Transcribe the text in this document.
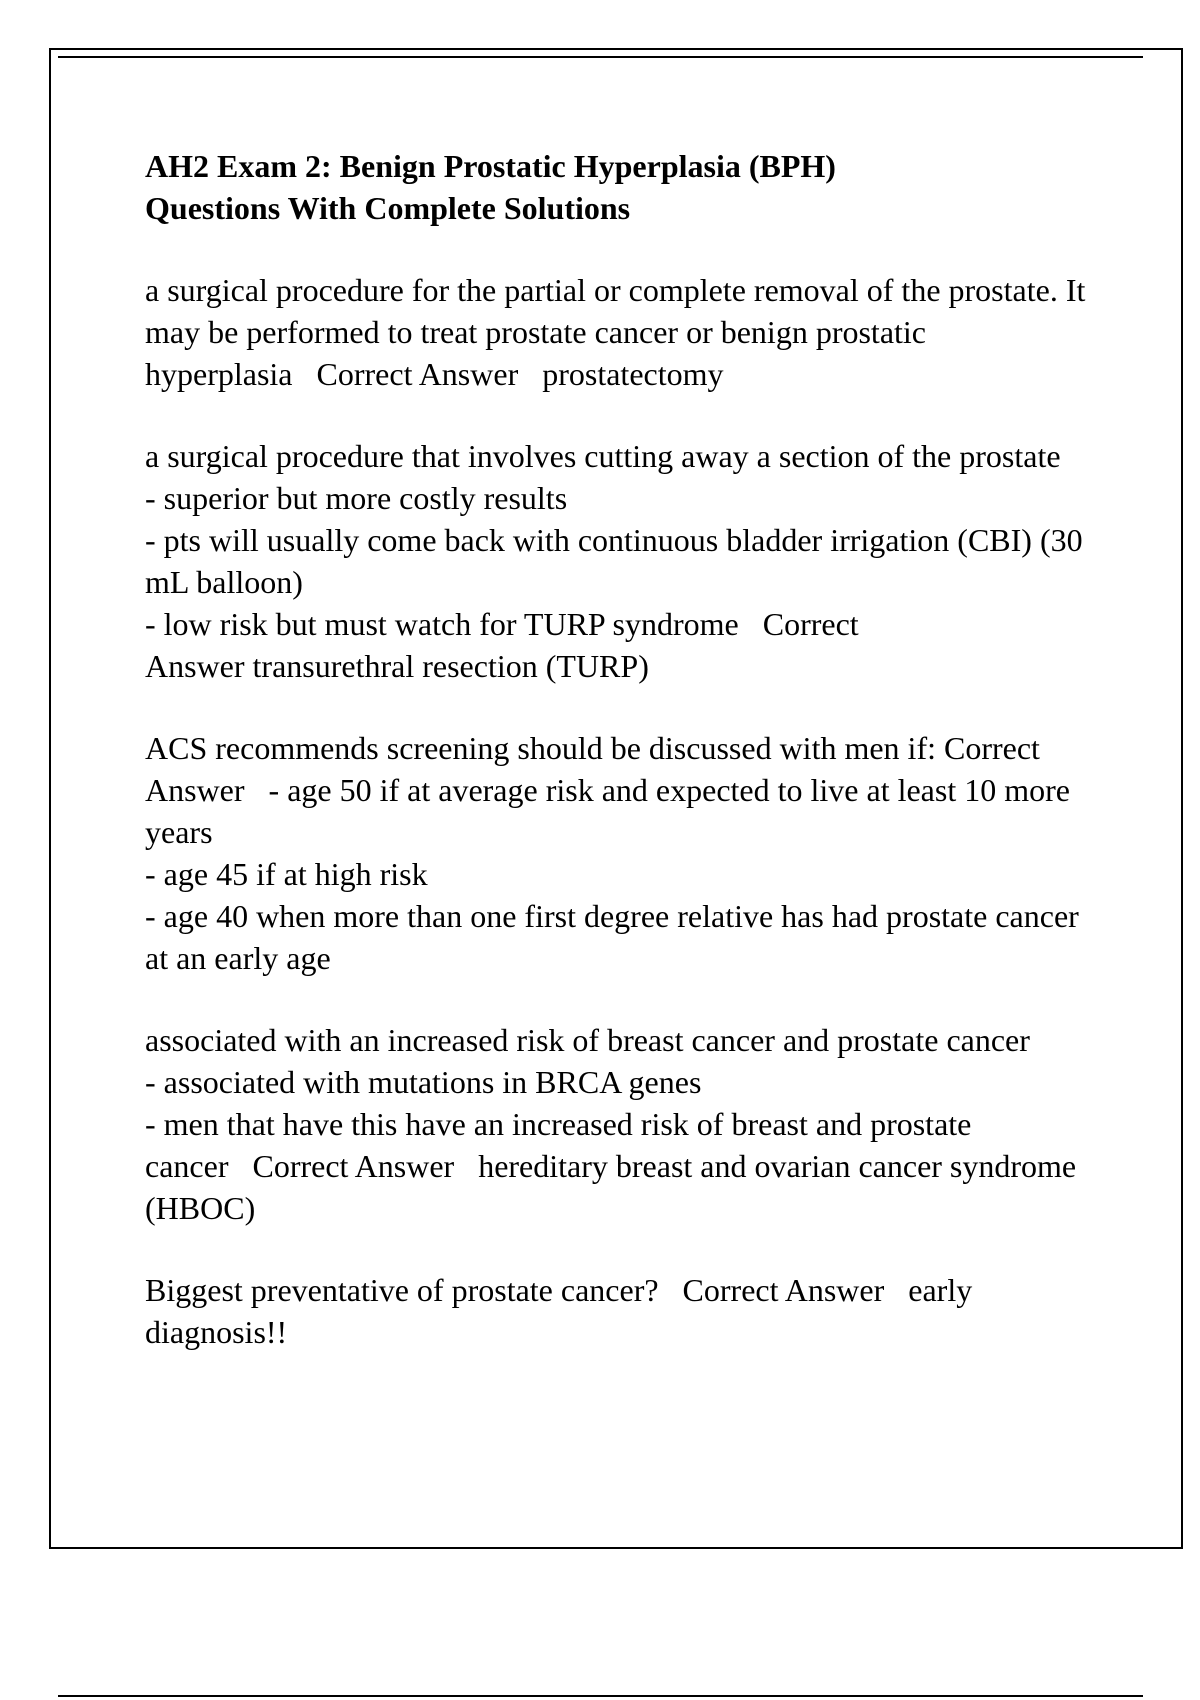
AH2 Exam 2: Benign Prostatic Hyperplasia (BPH)
Questions With Complete Solutions
a surgical procedure for the partial or complete removal of the prostate. It may be performed to treat prostate cancer or benign prostatic hyperplasia Correct Answer prostatectomy
a surgical procedure that involves cutting away a section of the prostate
- superior but more costly results
- pts will usually come back with continuous bladder irrigation (CBI) (30 mL balloon)
- low risk but must watch for TURP syndrome Correct Answer transurethral resection (TURP)
ACS recommends screening should be discussed with men if: Correct Answer - age 50 if at average risk and expected to live at least 10 more years
- age 45 if at high risk
- age 40 when more than one first degree relative has had prostate cancer at an early age
associated with an increased risk of breast cancer and prostate cancer
- associated with mutations in BRCA genes
- men that have this have an increased risk of breast and prostate cancer Correct Answer hereditary breast and ovarian cancer syndrome (HBOC)
Biggest preventative of prostate cancer? Correct Answer early diagnosis!!
